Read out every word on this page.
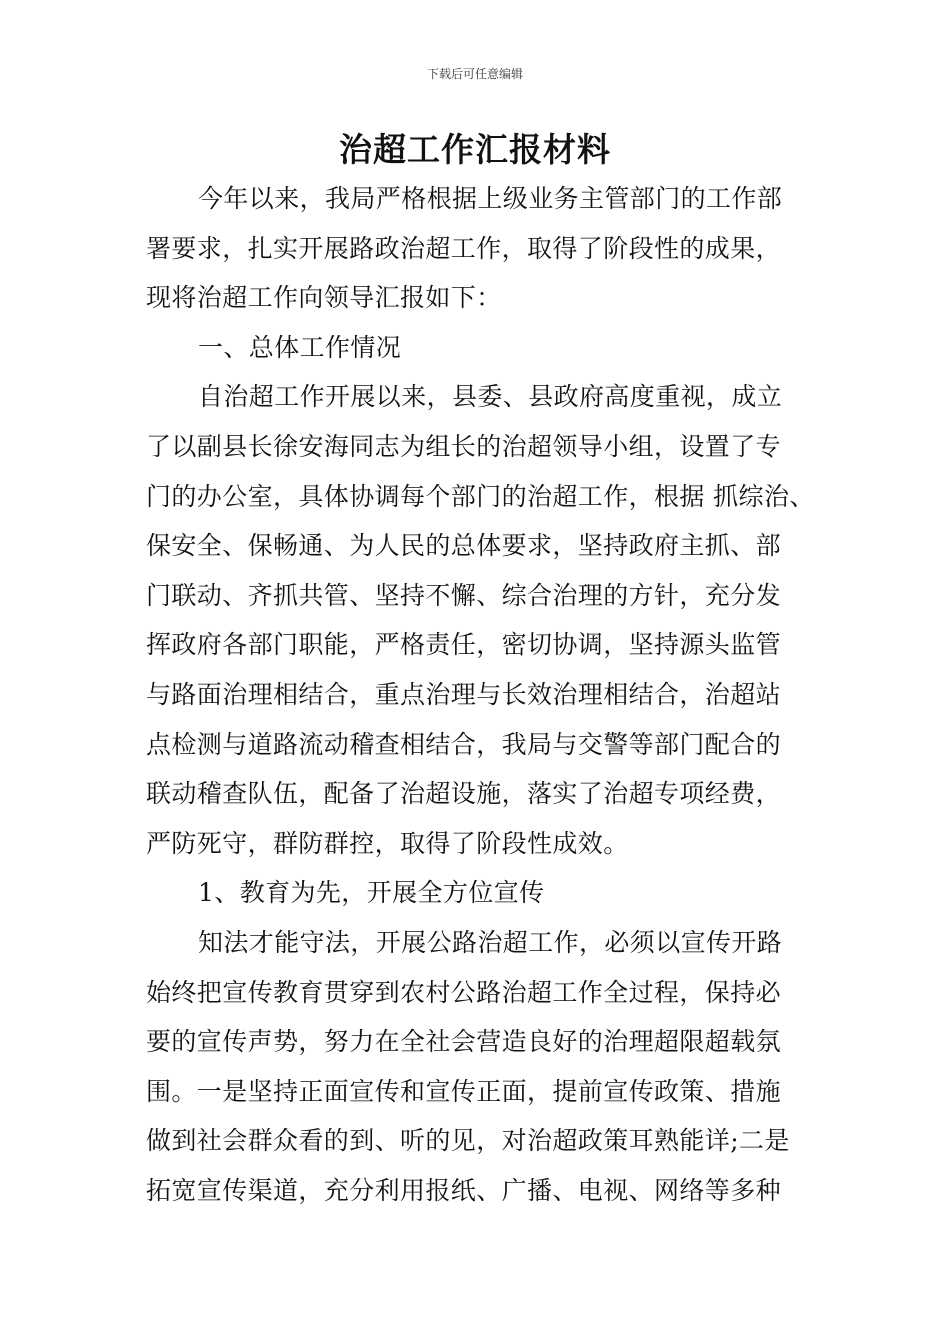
下载后可任意编辑
治超工作汇报材料
今年以来，我局严格根据上级业务主管部门的工作部
署要求，扎实开展路政治超工作，取得了阶段性的成果，
现将治超工作向领导汇报如下：
一、总体工作情况
自治超工作开展以来，县委、县政府高度重视，成立
了以副县长徐安海同志为组长的治超领导小组，设置了专
门的办公室，具体协调每个部门的治超工作，根据 抓综治、
保安全、保畅通、为人民的总体要求，坚持政府主抓、部
门联动、齐抓共管、坚持不懈、综合治理的方针，充分发
挥政府各部门职能，严格责任，密切协调，坚持源头监管
与路面治理相结合，重点治理与长效治理相结合，治超站
点检测与道路流动稽查相结合，我局与交警等部门配合的
联动稽查队伍，配备了治超设施，落实了治超专项经费，
严防死守，群防群控，取得了阶段性成效。
1、教育为先，开展全方位宣传
知法才能守法，开展公路治超工作，必须以宣传开路
始终把宣传教育贯穿到农村公路治超工作全过程，保持必
要的宣传声势，努力在全社会营造良好的治理超限超载氛
围。一是坚持正面宣传和宣传正面，提前宣传政策、措施
做到社会群众看的到、听的见，对治超政策耳熟能详;二是
拓宽宣传渠道，充分利用报纸、广播、电视、网络等多种
